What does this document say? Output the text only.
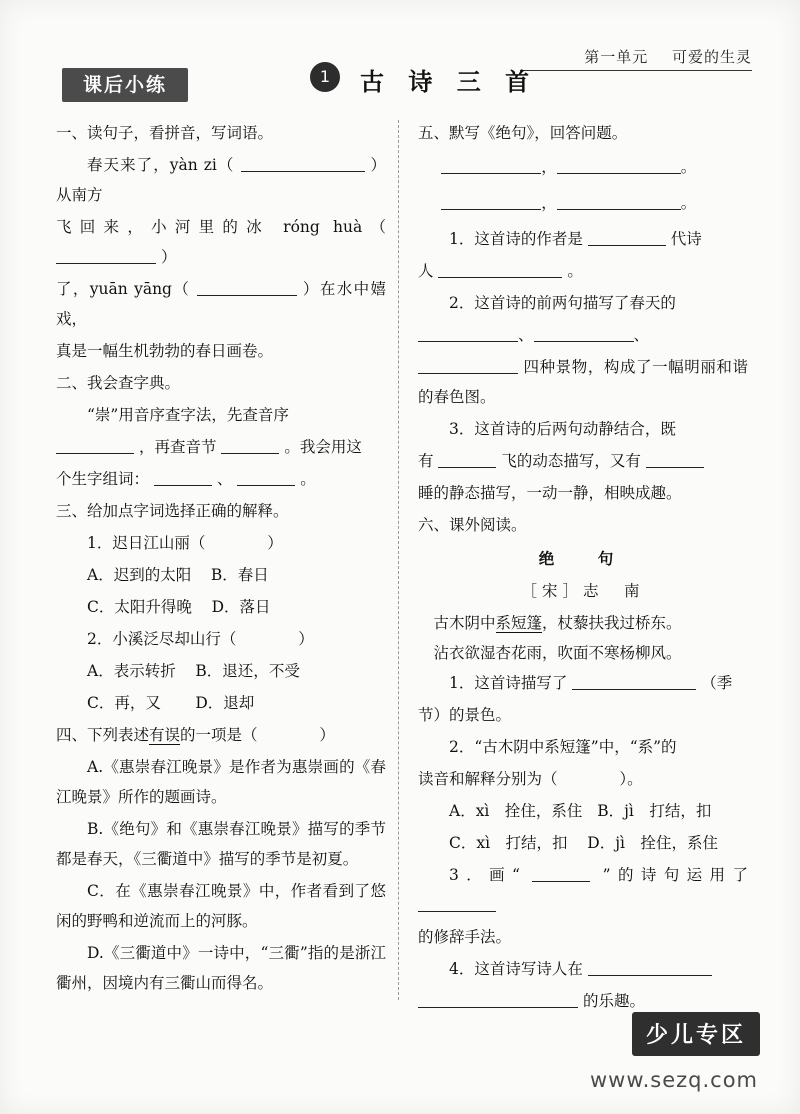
第一单元 可爱的生灵
课后小练	1	古 诗 三 首

一、读句子，看拼音，写词语。

春天来了，yàn zi（	）从南方

飞回来，小河里的冰 róng huà（  ）

了，yuān yāng（	）在水中嬉戏，

真是一幅生机勃勃的春日画卷。

二、我会查字典。

“崇”用音序查字法，先查音序

，再查音节	。我会用这

个生字组词：	、	。

三、给加点字词选择正确的解释。

1．迟日江山丽（	）

A．迟到的太阳 B．春日

C．太阳升得晚 D．落日

2．小溪泛尽却山行（	）

A．表示转折 B．退还，不受

C．再，又 D．退却

四、下列表述有误的一项是（	）

A.《惠崇春江晚景》是作者为惠崇画的《春江晚景》所作的题画诗。

B.《绝句》和《惠崇春江晚景》描写的季节都是春天，《三衢道中》描写的季节是初夏。

C．在《惠崇春江晚景》中，作者看到了悠闲的野鸭和逆流而上的河豚。

D.《三衢道中》一诗中，“三衢”指的是浙江衢州，因境内有三衢山而得名。

五、默写《绝句》，回答问题。

，	。

，	。

1．这首诗的作者是	代诗

人	。

2．这首诗的前两句描写了春天的

、	、

四种景物，构成了一幅明丽和谐的春色图。

3．这首诗的后两句动静结合，既

有	飞的动态描写，又有

睡的静态描写，一动一静，相映成趣。

六、课外阅读。

绝　句

［宋］志　南

古木阴中系短篷，杖藜扶我过桥东。

沾衣欲湿杏花雨，吹面不寒杨柳风。

1．这首诗描写了	（季

节）的景色。

2．“古木阴中系短篷”中，“系”的

读音和解释分别为（	）。

A．xì　拴住，系住 B．jì　打结，扣

C．xì　打结，扣 D．jì　拴住，系住

3．画“	”的诗句运用了

的修辞手法。

4．这首诗写诗人在

的乐趣。

少儿专区
www.sezq.com
